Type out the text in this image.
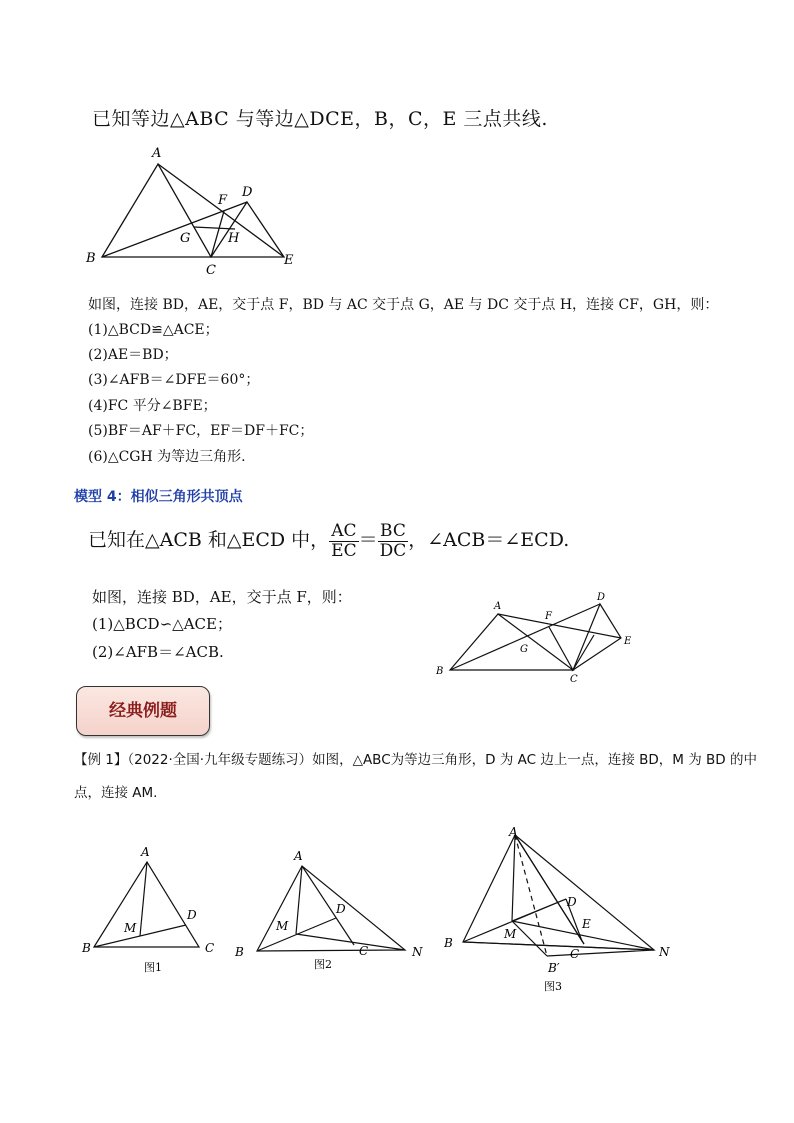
已知等边△ABC 与等边△DCE，B，C，E 三点共线.
A
B
C
D
E
F
G	H
如图，连接 BD，AE，交于点 F，BD 与 AC 交于点 G，AE 与 DC 交于点 H，连接 CF，GH，则：
(1)△BCD≌△ACE；
(2)AE＝BD；
(3)∠AFB＝∠DFE＝60°；
(4)FC 平分∠BFE；
(5)BF＝AF＋FC，EF＝DF＋FC；
(6)△CGH 为等边三角形.
模型 4：相似三角形共顶点
已知在△ACB 和△ECD 中， $\frac{AC}{EC} = \frac{BC}{DC}$ ，∠ACB＝∠ECD.
如图，连接 BD，AE，交于点 F，则：
(1)△BCD∽△ACE；
(2)∠AFB＝∠ACB.
A
B
C
D
E
F
G
经典例题
【例 1】（2022·全国·九年级专题练习）如图，△ABC为等边三角形，D 为 AC 边上一点，连接 BD，M 为 BD 的中
点，连接 AM.
A
B	C
D
M
图1
A
B	C
D
M
N
图2
A
B
C
D
E
M
N
B′
图3
